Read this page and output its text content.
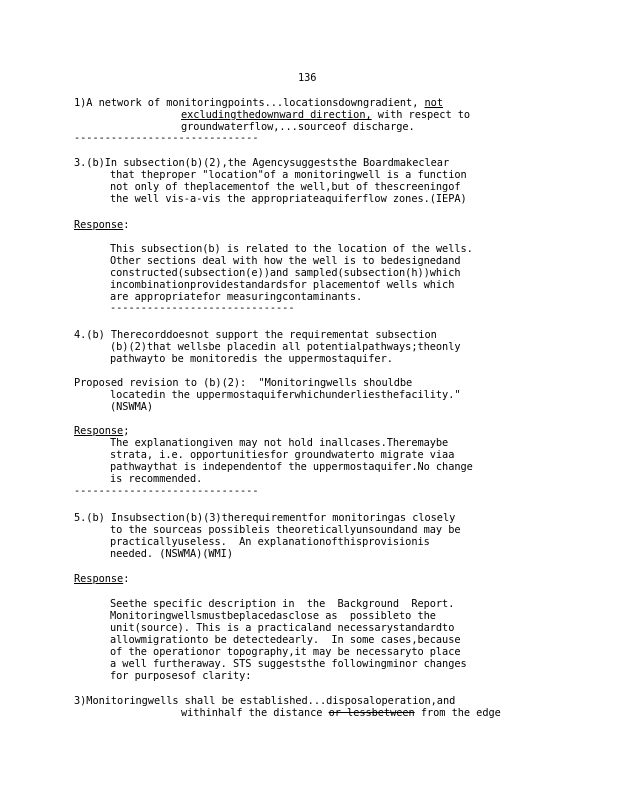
136
1)A network of monitoringpoints...locationsdowngradient, not
excludingthedownward direction, with respect to
groundwaterflow,...sourceof discharge.
------------------------------
3.(b)In subsection(b)(2),the Agencysuggeststhe Boardmakeclear
that theproper "location"of a monitoringwell is a function
not only of theplacementof the well,but of thescreeningof
the well vis-a-vis the appropriateaquiferflow zones.(IEPA)
Response:
This subsection(b) is related to the location of the wells.
Other sections deal with how the well is to bedesignedand
constructed(subsection(e))and sampled(subsection(h))which
incombinationprovidestandardsfor placementof wells which
are appropriatefor measuringcontaminants.
------------------------------
4.(b) Therecorddoesnot support the requirementat subsection
(b)(2)that wellsbe placedin all potentialpathways;theonly
pathwayto be monitoredis the uppermostaquifer.
Proposed revision to (b)(2):  "Monitoringwells shouldbe
locatedin the uppermostaquiferwhichunderliesthefacility."
(NSWMA)
Response;
The explanationgiven may not hold inallcases.Theremaybe
strata, i.e. opportunitiesfor groundwaterto migrate viaa
pathwaythat is independentof the uppermostaquifer.No change
is recommended.
------------------------------
5.(b) Insubsection(b)(3)therequirementfor monitoringas closely
to the sourceas possibleis theoreticallyunsoundand may be
practicallyuseless.  An explanationofthisprovisionis
needed. (NSWMA)(WMI)
Response:
Seethe specific description in  the  Background  Report.
Monitoringwellsmustbeplacedasclose as  possibleto the
unit(source). This is a practicaland necessarystandardto
allowmigrationto be detectedearly.  In some cases,because
of the operationor topography,it may be necessaryto place
a well furtheraway. STS suggeststhe followingminor changes
for purposesof clarity:
3)Monitoringwells shall be established...disposaloperation,and
withinhalf the distance or lessbetween from the edge
